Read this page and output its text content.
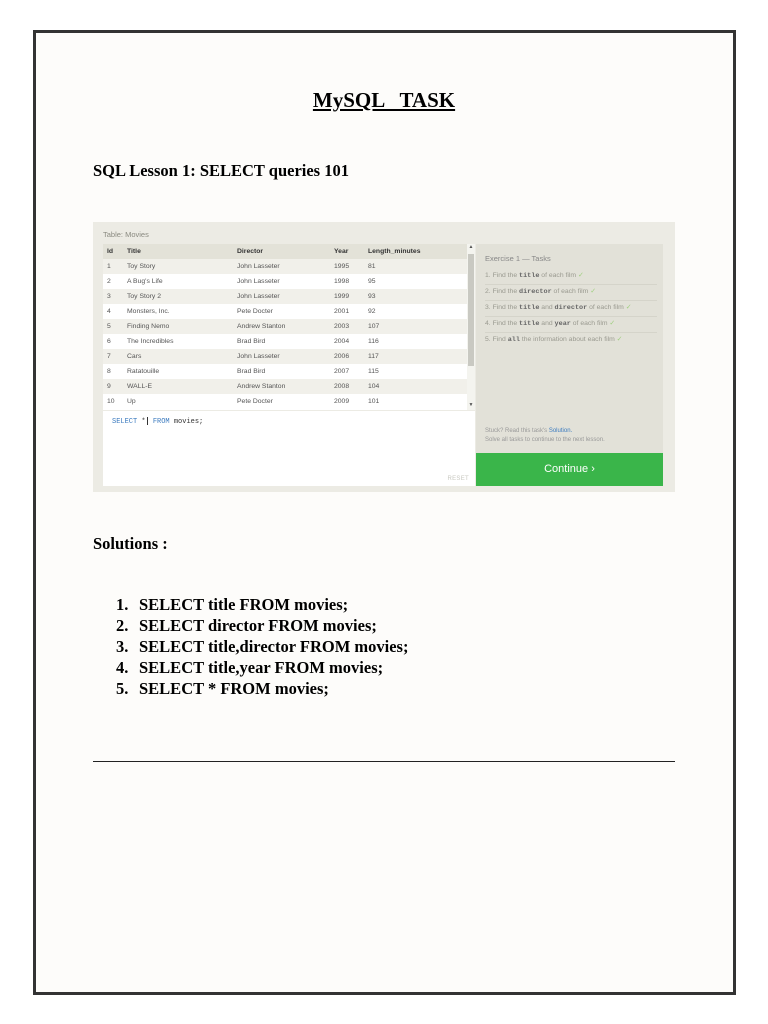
MySQL   TASK
SQL Lesson 1: SELECT queries 101
Table: Movies
Id	Title	Director	Year	Length_minutes
1	Toy Story	John Lasseter	1995	81
2	A Bug's Life	John Lasseter	1998	95
3	Toy Story 2	John Lasseter	1999	93
4	Monsters, Inc.	Pete Docter	2001	92
5	Finding Nemo	Andrew Stanton	2003	107
6	The Incredibles	Brad Bird	2004	116
7	Cars	John Lasseter	2006	117
8	Ratatouille	Brad Bird	2007	115
9	WALL-E	Andrew Stanton	2008	104
10	Up	Pete Docter	2009	101
▲
▼
SELECT * FROM movies;
RESET
Exercise 1 — Tasks
1. Find the title of each film ✓
2. Find the director of each film ✓
3. Find the title and director of each film ✓
4. Find the title and year of each film ✓
5. Find all the information about each film ✓
Stuck? Read this task's Solution.
Solve all tasks to continue to the next lesson.
Continue ›
Solutions :
1. SELECT title FROM movies;
2. SELECT director FROM movies;
3. SELECT title,director FROM movies;
4. SELECT title,year FROM movies;
5. SELECT * FROM movies;
